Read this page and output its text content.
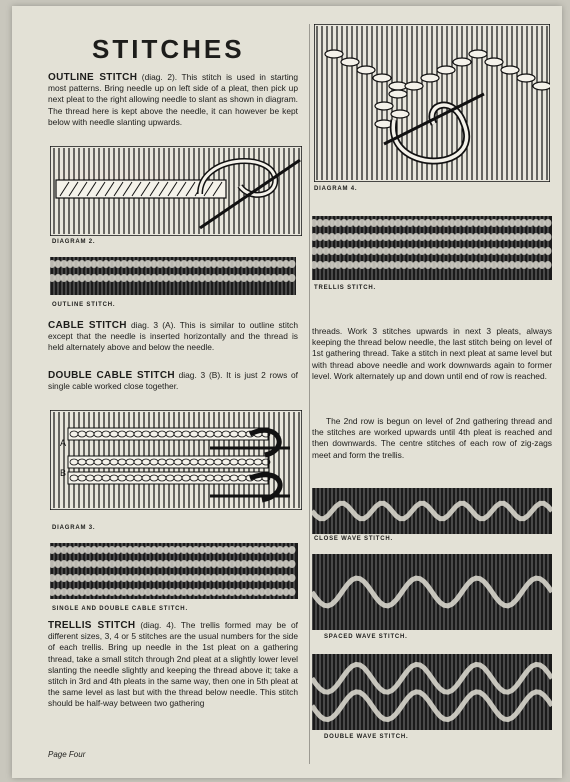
STITCHES
OUTLINE STITCH (diag. 2). This stitch is used in starting most patterns. Bring needle up on left side of a pleat, then pick up next pleat to the right allowing needle to slant as shown in diagram. The thread here is kept above the needle, it can however be kept below with needle slanting upwards.
DIAGRAM 2.
OUTLINE STITCH.
CABLE STITCH diag. 3 (A). This is similar to outline stitch except that the needle is inserted horizontally and the thread is held alternately above and below the needle.
DOUBLE CABLE STITCH diag. 3 (B). It is just 2 rows of single cable worked close together.
A
B
DIAGRAM 3.
SINGLE AND DOUBLE CABLE STITCH.
TRELLIS STITCH (diag. 4). The trellis formed may be of different sizes, 3, 4 or 5 stitches are the usual numbers for the side of each trellis. Bring up needle in the 1st pleat on a gathering thread, take a small stitch through 2nd pleat at a slightly lower level slanting the needle slightly and keeping the thread above it; take a stitch in 3rd and 4th pleats in the same way, then one in 5th pleat at the same level as last but with the thread below needle. This stitch should be half-way between two gathering
Page Four
DIAGRAM 4.
TRELLIS STITCH.
threads. Work 3 stitches upwards in next 3 pleats, always keeping the thread below needle, the last stitch being on level of 1st gathering thread. Take a stitch in next pleat at same level but with thread above needle and work downwards again to former level. Work alternately up and down until end of row is reached.
The 2nd row is begun on level of 2nd gathering thread and the stitches are worked upwards until 4th pleat is reached and then downwards. The centre stitches of each row of zig-zags meet and form the trellis.
CLOSE WAVE STITCH.
SPACED WAVE STITCH.
DOUBLE WAVE STITCH.
